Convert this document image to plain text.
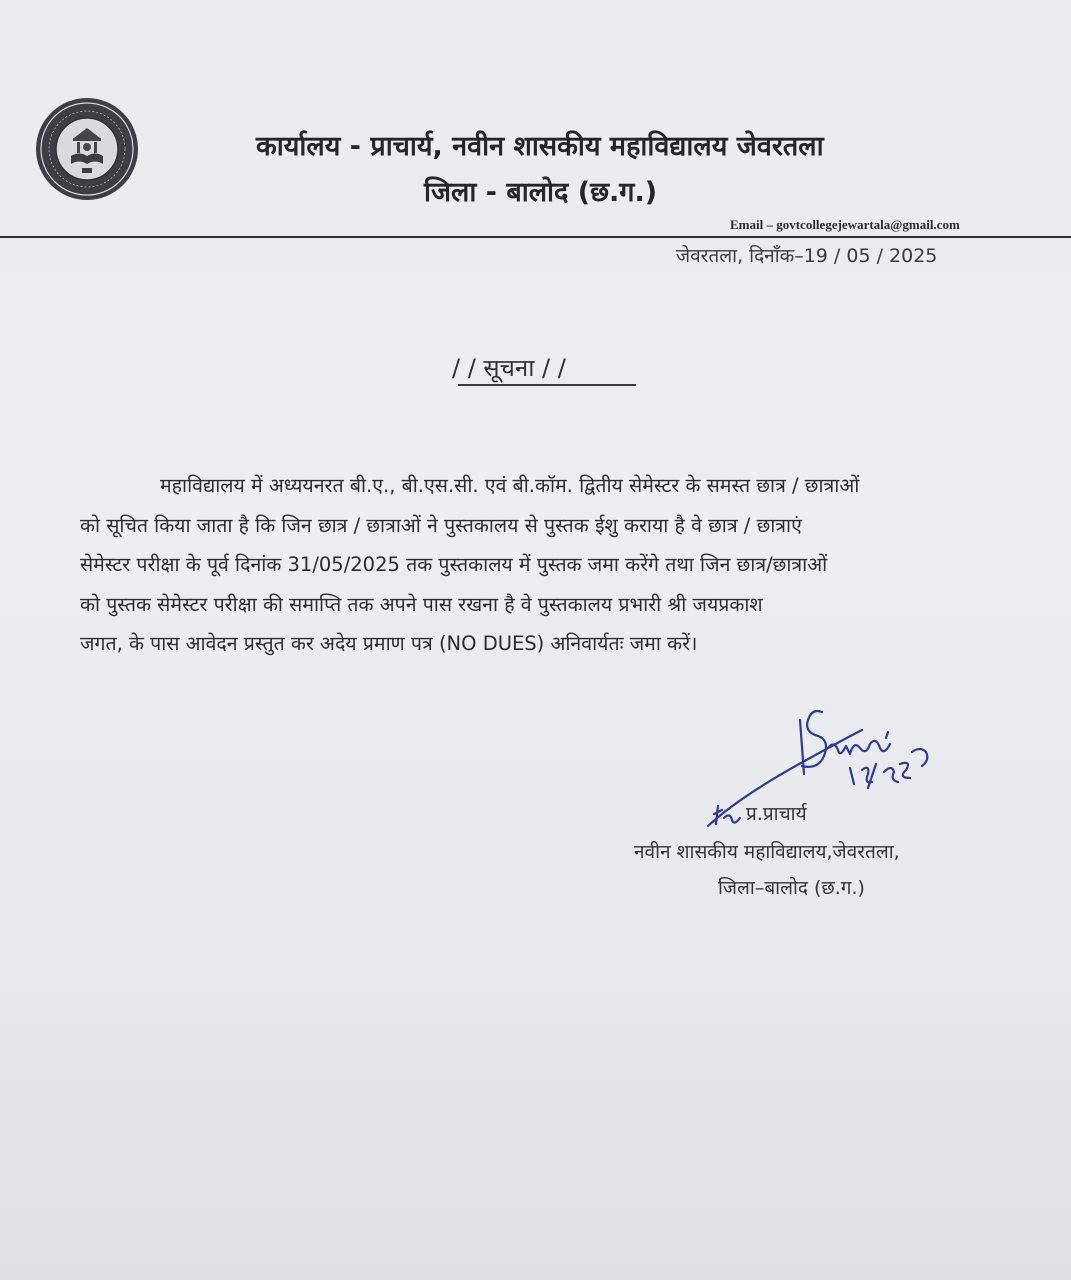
कार्यालय - प्राचार्य, नवीन शासकीय महाविद्यालय जेवरतला
जिला - बालोद (छ.ग.)
Email – govtcollegejewartala@gmail.com
जेवरतला, दिनाँक–19 / 05 / 2025
/ / सूचना / /
महाविद्यालय में अध्ययनरत बी.ए., बी.एस.सी. एवं बी.कॉम. द्वितीय सेमेस्टर के समस्त छात्र / छात्राओं
को सूचित किया जाता है कि जिन छात्र / छात्राओं ने पुस्तकालय से पुस्तक ईशु कराया है वे छात्र / छात्राएं
सेमेस्टर परीक्षा के पूर्व दिनांक 31/05/2025 तक पुस्तकालय में पुस्तक जमा करेंगे तथा जिन छात्र/छात्राओं
को पुस्तक सेमेस्टर परीक्षा की समाप्ति तक अपने पास रखना है वे पुस्तकालय प्रभारी श्री जयप्रकाश
जगत, के पास आवेदन प्रस्तुत कर अदेय प्रमाण पत्र (NO DUES) अनिवार्यतः जमा करें।
प्र.प्राचार्य
नवीन शासकीय महाविद्यालय,जेवरतला,
जिला–बालोद (छ.ग.)
